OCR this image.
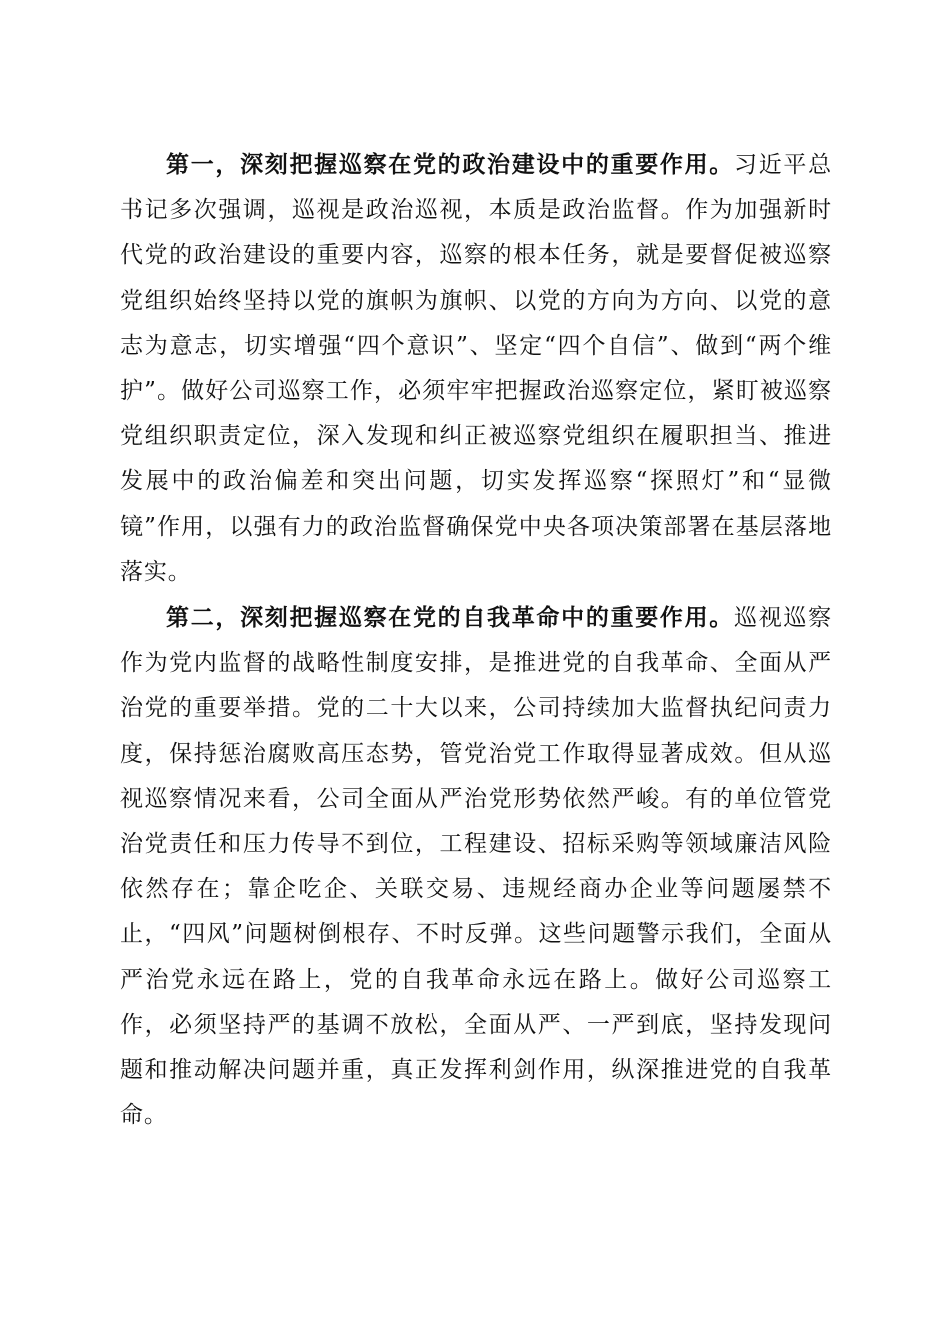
第一，深刻把握巡察在党的政治建设中的重要作用。习近平总书记多次强调，巡视是政治巡视，本质是政治监督。作为加强新时代党的政治建设的重要内容，巡察的根本任务，就是要督促被巡察党组织始终坚持以党的旗帜为旗帜、以党的方向为方向、以党的意志为意志，切实增强“四个意识”、坚定“四个自信”、做到“两个维护”。做好公司巡察工作，必须牢牢把握政治巡察定位，紧盯被巡察党组织职责定位，深入发现和纠正被巡察党组织在履职担当、推进发展中的政治偏差和突出问题，切实发挥巡察“探照灯”和“显微镜”作用，以强有力的政治监督确保党中央各项决策部署在基层落地落实。

第二，深刻把握巡察在党的自我革命中的重要作用。巡视巡察作为党内监督的战略性制度安排，是推进党的自我革命、全面从严治党的重要举措。党的二十大以来，公司持续加大监督执纪问责力度，保持惩治腐败高压态势，管党治党工作取得显著成效。但从巡视巡察情况来看，公司全面从严治党形势依然严峻。有的单位管党治党责任和压力传导不到位，工程建设、招标采购等领域廉洁风险依然存在；靠企吃企、关联交易、违规经商办企业等问题屡禁不止，“四风”问题树倒根存、不时反弹。这些问题警示我们，全面从严治党永远在路上，党的自我革命永远在路上。做好公司巡察工作，必须坚持严的基调不放松，全面从严、一严到底，坚持发现问题和推动解决问题并重，真正发挥利剑作用，纵深推进党的自我革命。
